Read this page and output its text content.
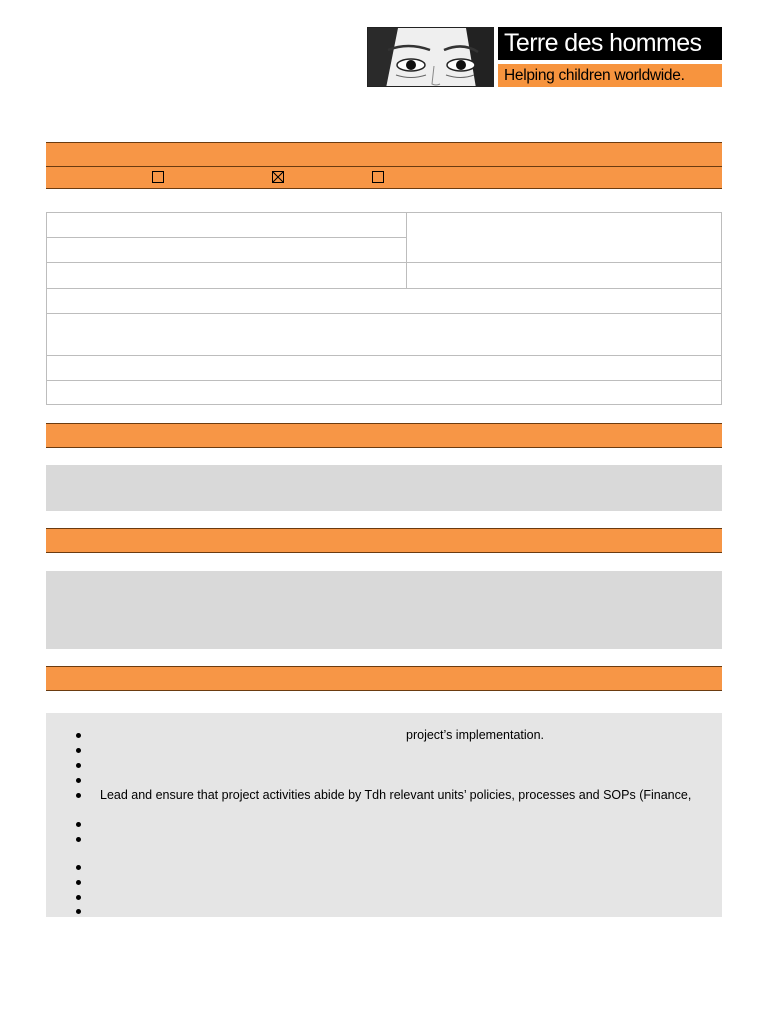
Terre des hommes
Helping children worldwide.
project’s implementation.
Lead and ensure that project activities abide by Tdh relevant units’ policies, processes and SOPs (Finance,
